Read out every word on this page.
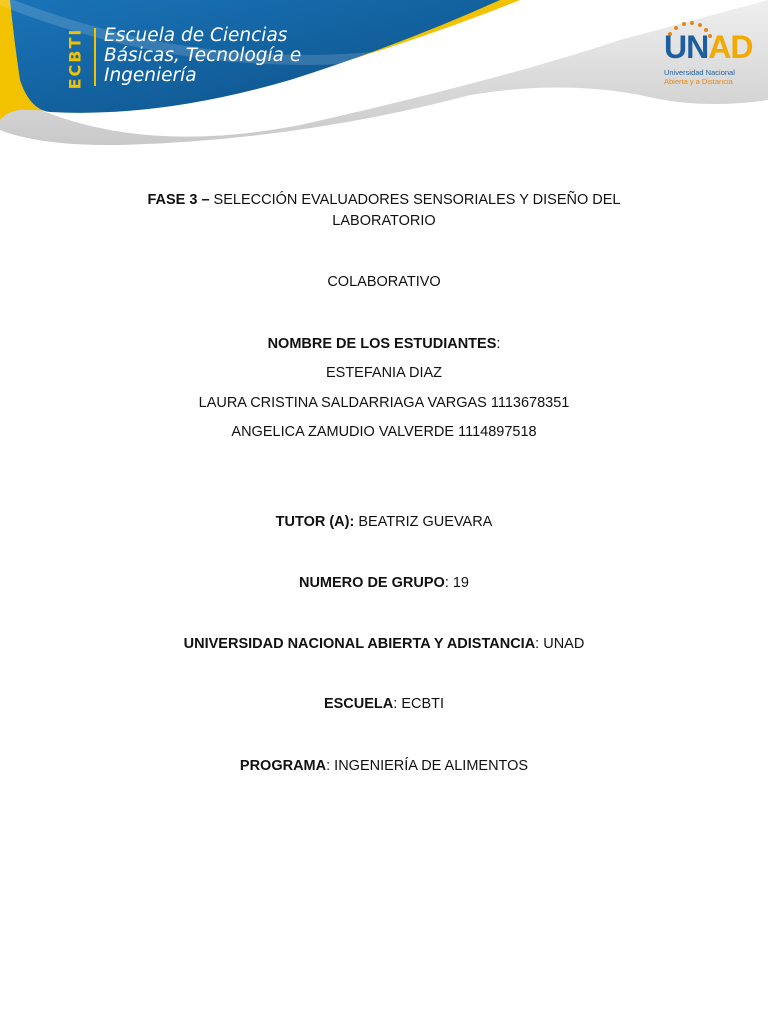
ECBTI Escuela de Ciencias
Básicas, Tecnología e
Ingeniería
UNAD
Universidad Nacional
Abierta y a Distancia
FASE 3 – SELECCIÓN EVALUADORES SENSORIALES Y DISEÑO DEL
LABORATORIO
COLABORATIVO
NOMBRE DE LOS ESTUDIANTES:
ESTEFANIA DIAZ
LAURA CRISTINA SALDARRIAGA VARGAS 1113678351
ANGELICA ZAMUDIO VALVERDE 1114897518
TUTOR (A): BEATRIZ GUEVARA
NUMERO DE GRUPO: 19
UNIVERSIDAD NACIONAL ABIERTA Y ADISTANCIA: UNAD
ESCUELA: ECBTI
PROGRAMA: INGENIERÍA DE ALIMENTOS
